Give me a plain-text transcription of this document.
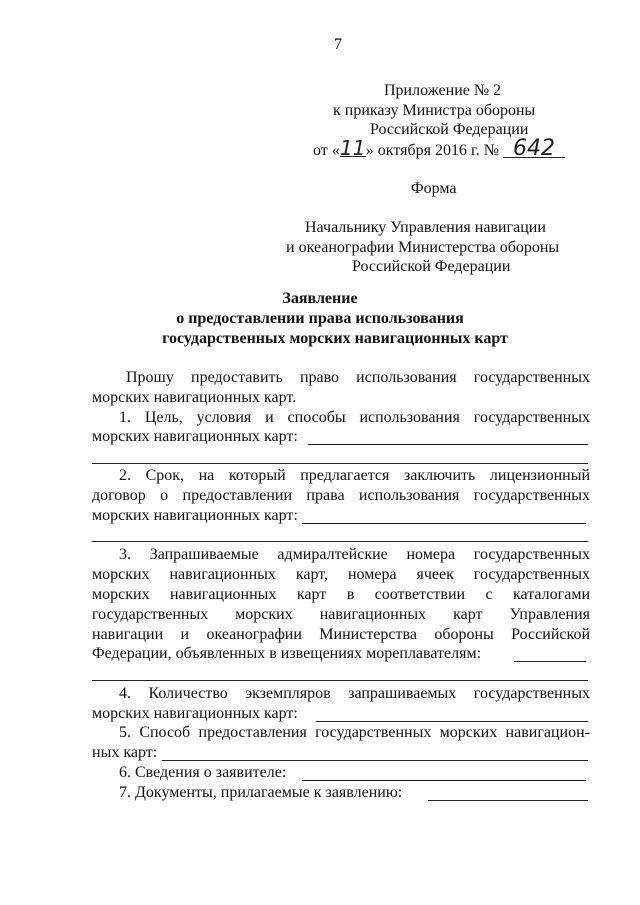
7
Приложение № 2
к приказу Министра обороны
Российской Федерации
от «11» октября 2016 г. № 642
Форма
Начальнику Управления навигации
и океанографии Министерства обороны
Российской Федерации
Заявление
о предоставлении права использования
государственных морских навигационных карт
Прошу предоставить право использования государственных
морских навигационных карт.
1. Цель, условия и способы использования государственных
морских навигационных карт:
2. Срок, на который предлагается заключить лицензионный
договор о предоставлении права использования государственных
морских навигационных карт:
3. Запрашиваемые адмиралтейские номера государственных
морских навигационных карт, номера ячеек государственных
морских навигационных карт в соответствии с каталогами
государственных морских навигационных карт Управления
навигации и океанографии Министерства обороны Российской
Федерации, объявленных в извещениях мореплавателям:
4. Количество экземпляров запрашиваемых государственных
морских навигационных карт:
5. Способ предоставления государственных морских навигацион-
ных карт:
6. Сведения о заявителе:
7. Документы, прилагаемые к заявлению:
